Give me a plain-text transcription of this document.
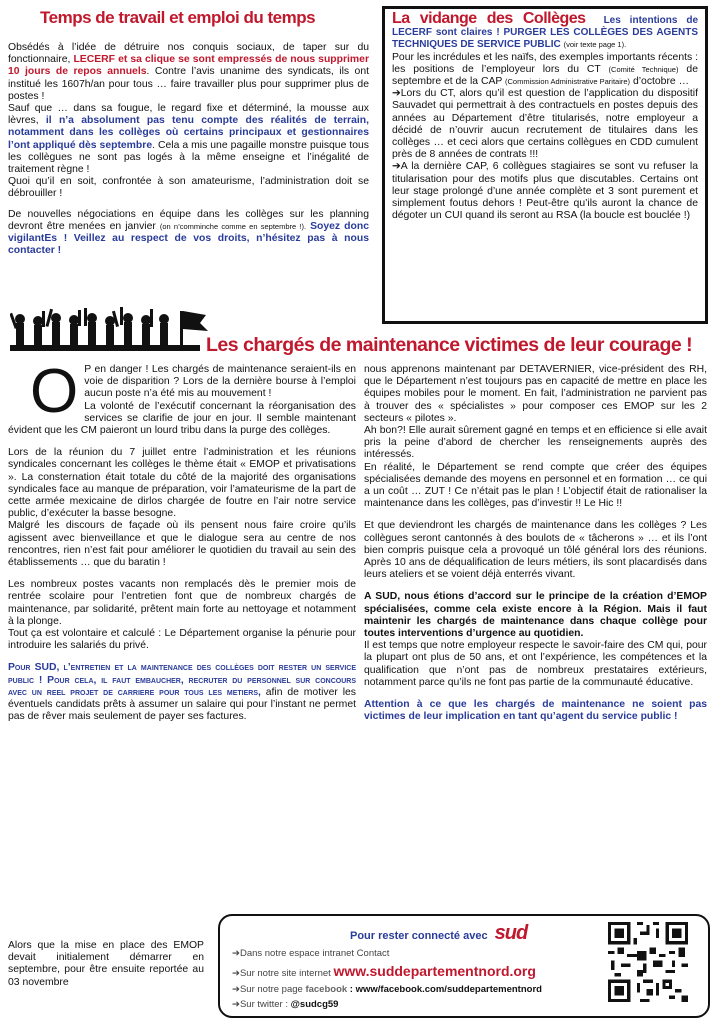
Temps de travail et emploi du temps

Obsédés à l’idée de détruire nos conquis sociaux, de taper sur du fonctionnaire, LECERF et sa clique se sont empressés de nous supprimer 10 jours de repos annuels. Contre l’avis unanime des syndicats, ils ont institué les 1607h/an pour tous … faire travailler plus pour supprimer plus de postes !

Sauf que … dans sa fougue, le regard fixe et déterminé, la mousse aux lèvres, il n’a absolument pas tenu compte des réalités de terrain, notamment dans les collèges où certains principaux et gestionnaires l’ont appliqué dès septembre. Cela a mis une pagaille monstre puisque tous les collègues ne sont pas logés à la même enseigne et l’inégalité de traitement règne !

Quoi qu’il en soit, confrontée à son amateurisme, l’administration doit se débrouiller !

De nouvelles négociations en équipe dans les collèges sur les planning devront être menées en janvier (on n’comminche comme en septembre !). Soyez donc vigilantEs ! Veillez au respect de vos droits, n’hésitez pas à nous contacter !

La vidange des Collèges Les intentions de LECERF sont claires ! PURGER LES COLLÈGES DES AGENTS TECHNIQUES DE SERVICE PUBLIC (voir texte page 1).

Pour les incrédules et les naïfs, des exemples importants récents : les positions de l’employeur lors du CT (Comité Technique) de septembre et de la CAP (Commission Administrative Paritaire) d’octobre …

➔Lors du CT, alors qu’il est question de l’application du dispositif Sauvadet qui permettrait à des contractuels en postes depuis des années au Département d’être titularisés, notre employeur a décidé de n’ouvrir aucun recrutement de titulaires dans les collèges … et ceci alors que certains collègues en CDD cumulent près de 8 années de contrats !!!

➔A la dernière CAP, 6 collègues stagiaires se sont vu refuser la titularisation pour des motifs plus que discutables. Certains ont leur stage prolongé d’une année complète et 3 sont purement et simplement foutus dehors ! Peut-être qu’ils auront la chance de dégoter un CUI quand ils seront au RSA (la boucle est bouclée !)

Les chargés de maintenance victimes de leur courage !
O P en danger ! Les chargés de maintenance seraient-ils en voie de disparition ? Lors de la dernière bourse à l’emploi aucun poste n’a été mis au mouvement !

La volonté de l’exécutif concernant la réorganisation des services se clarifie de jour en jour. Il semble maintenant évident que les CM paieront un lourd tribu dans la purge des collèges.

Lors de la réunion du 7 juillet entre l’administration et les réunions syndicales concernant les collèges le thème était « EMOP et privatisations ». La consternation était totale du côté de la majorité des organisations syndicales face au manque de préparation, voir l’amateurisme de la part de cette armée mexicaine de dirlos chargée de foutre en l’air notre service public, d’exécuter la basse besogne.

Malgré les discours de façade où ils pensent nous faire croire qu’ils agissent avec bienveillance et que le dialogue sera au centre de nos rencontres, rien n’est fait pour améliorer le quotidien du travail au sein des établissements … que du baratin !

Les nombreux postes vacants non remplacés dès le premier mois de rentrée scolaire pour l’entretien font que de nombreux chargés de maintenance, par solidarité, prêtent main forte au nettoyage et notamment à la plonge.

Tout ça est volontaire et calculé : Le Département organise la pénurie pour introduire les salariés du privé.

Pour SUD, l’entretien et la maintenance des collèges doit rester un service public ! Pour cela, il faut embaucher, recruter du personnel sur concours avec un reel projet de carriere pour tous les metiers, afin de motiver les éventuels candidats prêts à assumer un salaire qui pour l’instant ne permet pas de rêver mais seulement de payer ses factures.

Alors que la mise en place des EMOP devait initialement démarrer en septembre, pour être ensuite reportée au 03 novembre

nous apprenons maintenant par DETAVERNIER, vice-président des RH, que le Département n’est toujours pas en capacité de mettre en place les équipes mobiles pour le moment. En fait, l’administration ne parvient pas à trouver des « spécialistes » pour composer ces EMOP sur les 2 secteurs « pilotes ».

Ah bon?! Elle aurait sûrement gagné en temps et en efficience si elle avait pris la peine d’abord de chercher les renseignements auprès des intéressés.

En réalité, le Département se rend compte que créer des équipes spécialisées demande des moyens en personnel et en formation … ce qui a un coût … ZUT ! Ce n’était pas le plan ! L’objectif était de rationaliser la maintenance dans les collèges, pas d’investir !! Le Hic !!

Et que deviendront les chargés de maintenance dans les collèges ? Les collègues seront cantonnés à des boulots de « tâcherons » … et ils l’ont bien compris puisque cela a provoqué un tôlé général lors des réunions. Après 10 ans de déqualification de leurs métiers, ils sont placardisés dans leurs ateliers et se voient déjà enterrés vivant.

A SUD, nous étions d’accord sur le principe de la création d’EMOP spécialisées, comme cela existe encore à la Région. Mais il faut maintenir les chargés de maintenance dans chaque collège pour toutes interventions d’urgence au quotidien.

Il est temps que notre employeur respecte le savoir-faire des CM qui, pour la plupart ont plus de 50 ans, et ont l’expérience, les compétences et la qualification que n’ont pas de nombreux prestataires extérieurs, notamment parce qu’ils ne font pas partie de la communauté éducative.

Attention à ce que les chargés de maintenance ne soient pas victimes de leur implication en tant qu’agent du service public !

Pour rester connecté avec sud
➔Dans notre espace intranet Contact
➔Sur notre site internet www.suddepartementnord.org
➔Sur notre page facebook : www/facebook.com/suddepartementnord
➔Sur twitter : @sudcg59
